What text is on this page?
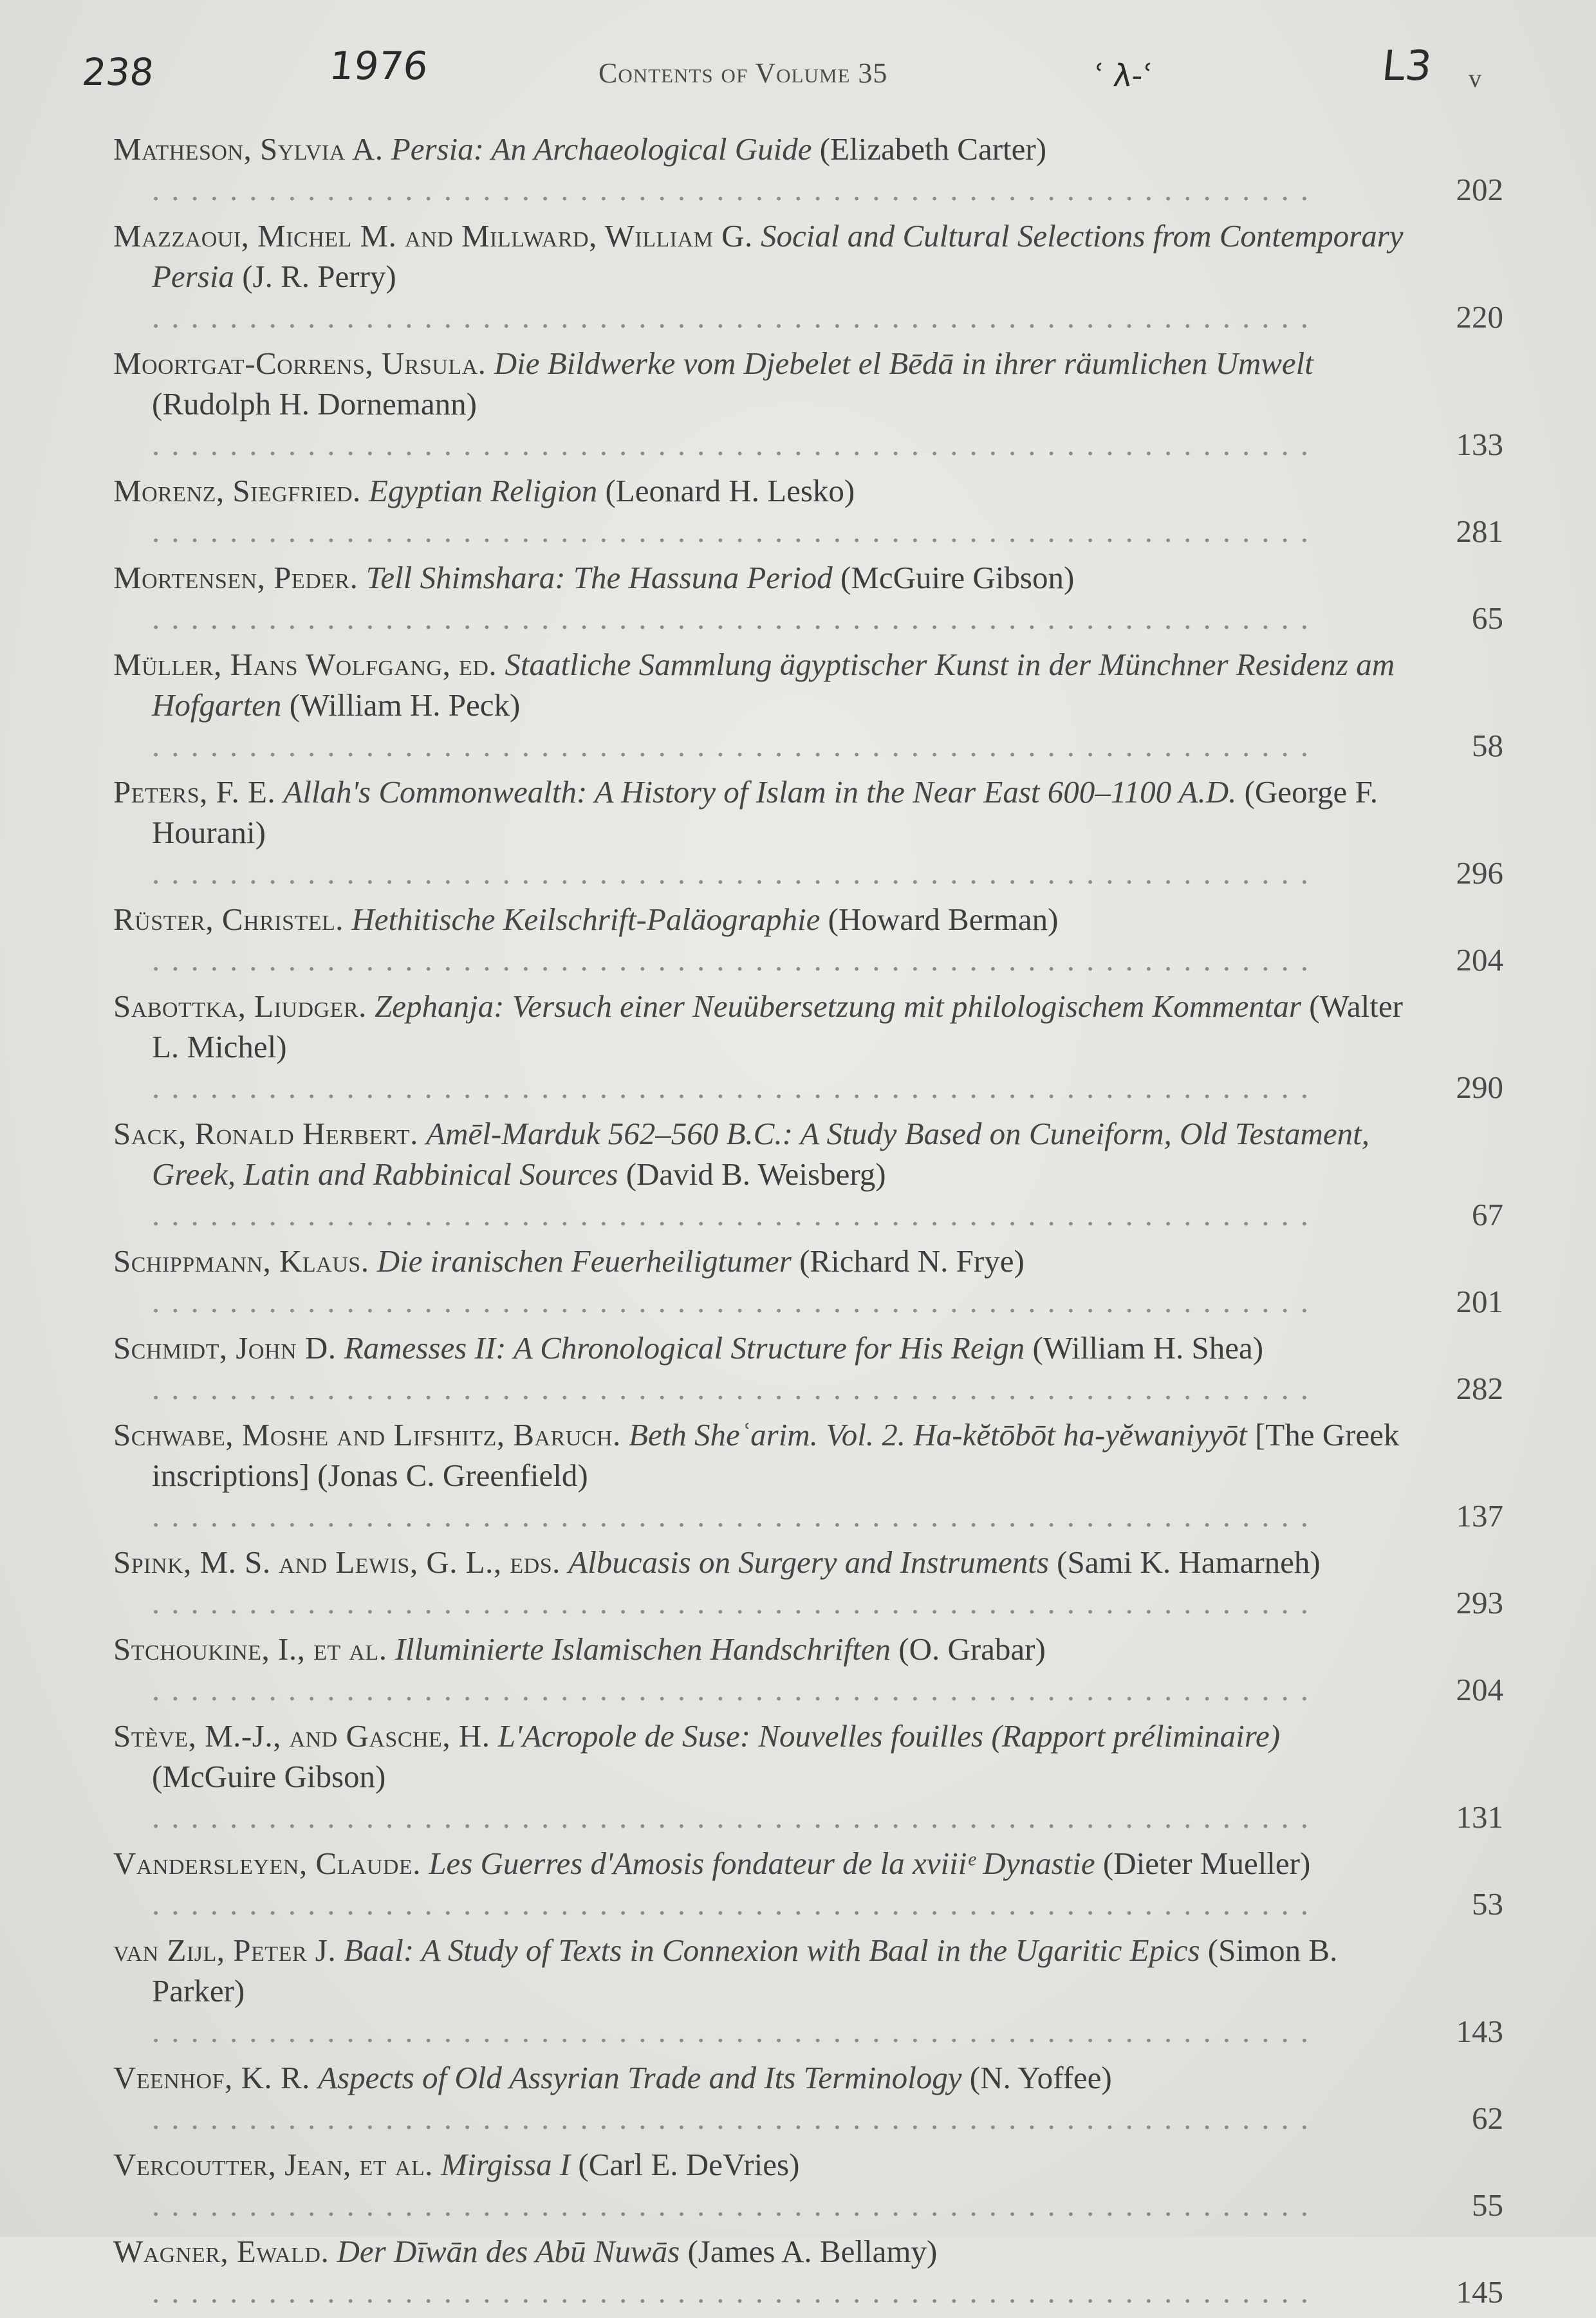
238	1976	Contents of Volume 35	ʿ λ-ʿ	L3 v
Matheson, Sylvia A. Persia: An Archaeological Guide (Elizabeth Carter) ............................................................	202
Mazzaoui, Michel M. and Millward, William G. Social and Cultural Selections from Contemporary Persia (J. R. Perry) ............................................................	220
Moortgat-Correns, Ursula. Die Bildwerke vom Djebelet el Bēdā in ihrer räumlichen Umwelt (Rudolph H. Dornemann) ............................................................	133
Morenz, Siegfried. Egyptian Religion (Leonard H. Lesko) ............................................................	281
Mortensen, Peder. Tell Shimshara: The Hassuna Period (McGuire Gibson) ............................................................	65
Müller, Hans Wolfgang, ed. Staatliche Sammlung ägyptischer Kunst in der Münchner Residenz am Hofgarten (William H. Peck) ............................................................	58
Peters, F. E. Allah's Commonwealth: A History of Islam in the Near East 600–1100 A.D. (George F. Hourani) ............................................................	296
Rüster, Christel. Hethitische Keilschrift-Paläographie (Howard Berman) ............................................................	204
Sabottka, Liudger. Zephanja: Versuch einer Neuübersetzung mit philologischem Kommentar (Walter L. Michel) ............................................................	290
Sack, Ronald Herbert. Amēl-Marduk 562–560 B.C.: A Study Based on Cuneiform, Old Testament, Greek, Latin and Rabbinical Sources (David B. Weisberg) ............................................................	67
Schippmann, Klaus. Die iranischen Feuerheiligtumer (Richard N. Frye) ............................................................	201
Schmidt, John D. Ramesses II: A Chronological Structure for His Reign (William H. Shea) ............................................................	282
Schwabe, Moshe and Lifshitz, Baruch. Beth Sheʿarim. Vol. 2. Ha-kĕtōbōt ha-yĕwaniyyōt [The Greek inscriptions] (Jonas C. Greenfield) ............................................................	137
Spink, M. S. and Lewis, G. L., eds. Albucasis on Surgery and Instruments (Sami K. Hamarneh) ............................................................	293
Stchoukine, I., et al. Illuminierte Islamischen Handschriften (O. Grabar) ............................................................	204
Stève, M.-J., and Gasche, H. L'Acropole de Suse: Nouvelles fouilles (Rapport préliminaire) (McGuire Gibson) ............................................................	131
Vandersleyen, Claude. Les Guerres d'Amosis fondateur de la xviiiᵉ Dynastie (Dieter Mueller) ............................................................	53
van Zijl, Peter J. Baal: A Study of Texts in Connexion with Baal in the Ugaritic Epics (Simon B. Parker) ............................................................	143
Veenhof, K. R. Aspects of Old Assyrian Trade and Its Terminology (N. Yoffee) ............................................................	62
Vercoutter, Jean, et al. Mirgissa I (Carl E. DeVries) ............................................................	55
Wagner, Ewald. Der Dīwān des Abū Nuwās (James A. Bellamy) ............................................................	145
